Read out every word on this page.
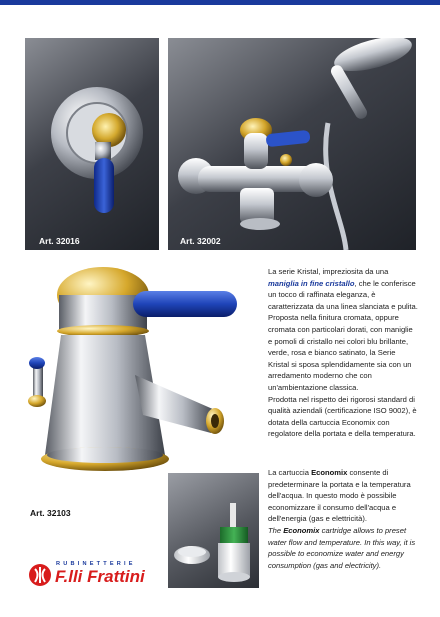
Art. 32016	Art. 32002
Art. 32103

La serie Kristal, impreziosita da una maniglia in fine cristallo, che le conferisce un tocco di raffinata eleganza, è caratterizzata da una linea slanciata e pulita. Proposta nella finitura cromata, oppure cromata con particolari dorati, con maniglie e pomoli di cristallo nei colori blu brillante, verde, rosa e bianco satinato, la Serie Kristal si sposa splendidamente sia con un arredamento moderno che con un'ambientazione classica.

Prodotta nel rispetto dei rigorosi standard di qualità aziendali (certificazione ISO 9002), è dotata della cartuccia Economix con regolatore della portata e della temperatura.

La cartuccia Economix consente di predeterminare la portata e la temperatura dell'acqua. In questo modo è possibile economizzare il consumo dell'acqua e dell'energia (gas e elettricità).

The Economix cartridge allows to preset water flow and temperature. In this way, it is possible to economize water and energy consumption (gas and electricity).

RUBINETTERIE
F.lli Frattini
